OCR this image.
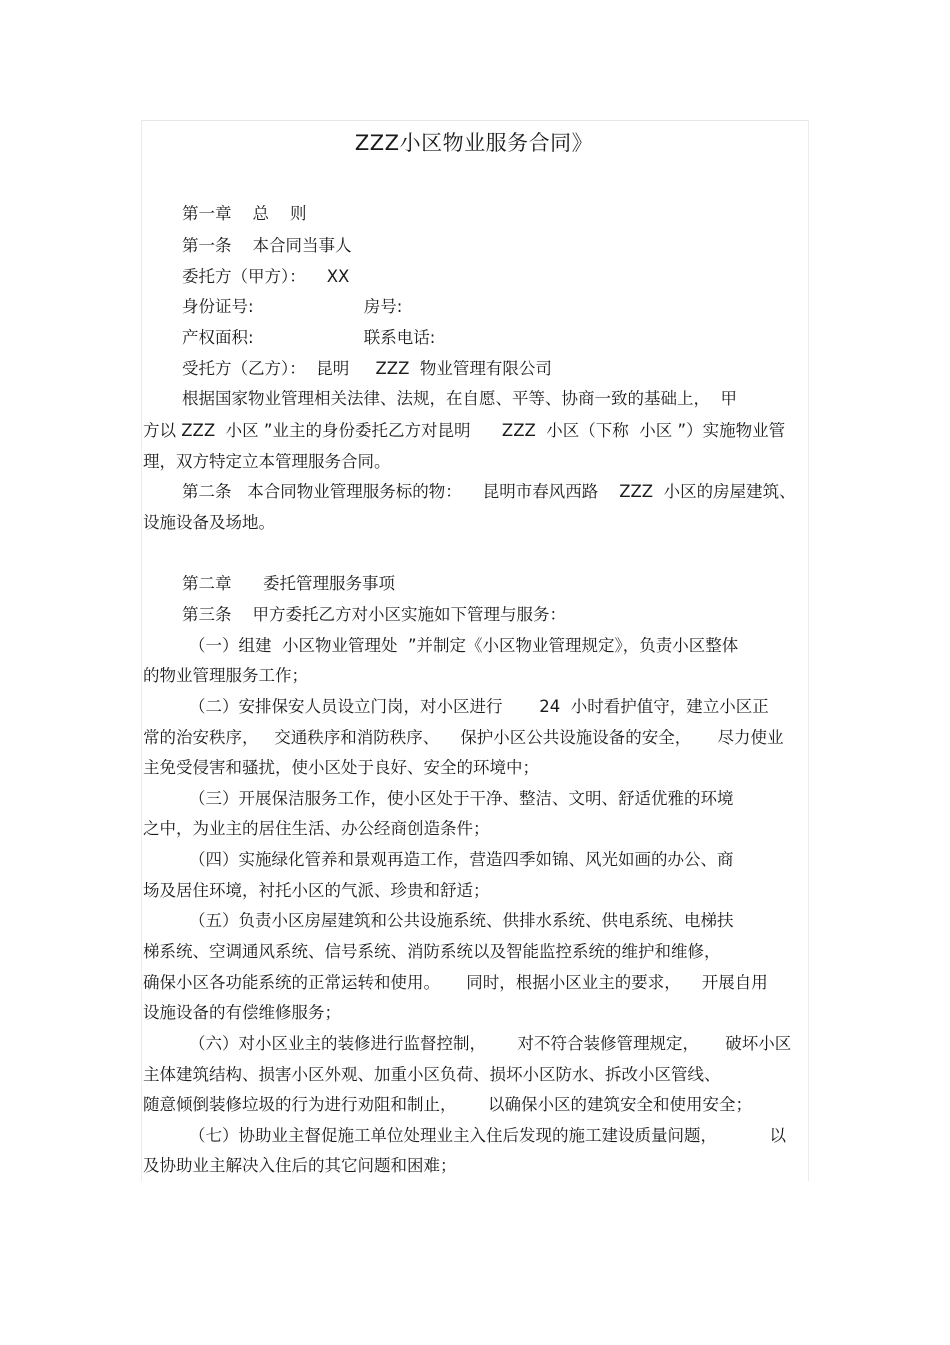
ZZZ小区物业服务合同》
第一章    总    则
第一条    本合同当事人
委托方（甲方）：    XX
身份证号:                     房号:
产权面积:                     联系电话:
受托方（乙方）：  昆明     ZZZ  物业管理有限公司
根据国家物业管理相关法律、法规，在自愿、平等、协商一致的基础上，  甲
方以 ZZZ  小区 ”业主的身份委托乙方对昆明      ZZZ  小区（下称  小区 ”）实施物业管
理，双方特定立本管理服务合同。
第二条   本合同物业管理服务标的物：    昆明市春风西路    ZZZ  小区的房屋建筑、
设施设备及场地。
第二章      委托管理服务事项
第三条    甲方委托乙方对小区实施如下管理与服务：
（一）组建  小区物业管理处  ”并制定《小区物业管理规定》，负责小区整体
的物业管理服务工作；
（二）安排保安人员设立门岗，对小区进行       24  小时看护值守，建立小区正
常的治安秩序，   交通秩序和消防秩序、    保护小区公共设施设备的安全，     尽力使业
主免受侵害和骚扰，使小区处于良好、安全的环境中；
（三）开展保洁服务工作，使小区处于干净、整洁、文明、舒适优雅的环境
之中，为业主的居住生活、办公经商创造条件；
（四）实施绿化管养和景观再造工作，营造四季如锦、风光如画的办公、商
场及居住环境，衬托小区的气派、珍贵和舒适；
（五）负责小区房屋建筑和公共设施系统、供排水系统、供电系统、电梯扶
梯系统、空调通风系统、信号系统、消防系统以及智能监控系统的维护和维修，
确保小区各功能系统的正常运转和使用。     同时，根据小区业主的要求，    开展自用
设施设备的有偿维修服务；
（六）对小区业主的装修进行监督控制，      对不符合装修管理规定，     破坏小区
主体建筑结构、损害小区外观、加重小区负荷、损坏小区防水、拆改小区管线、
随意倾倒装修垃圾的行为进行劝阻和制止，      以确保小区的建筑安全和使用安全；
（七）协助业主督促施工单位处理业主入住后发现的施工建设质量问题，          以
及协助业主解决入住后的其它问题和困难；
